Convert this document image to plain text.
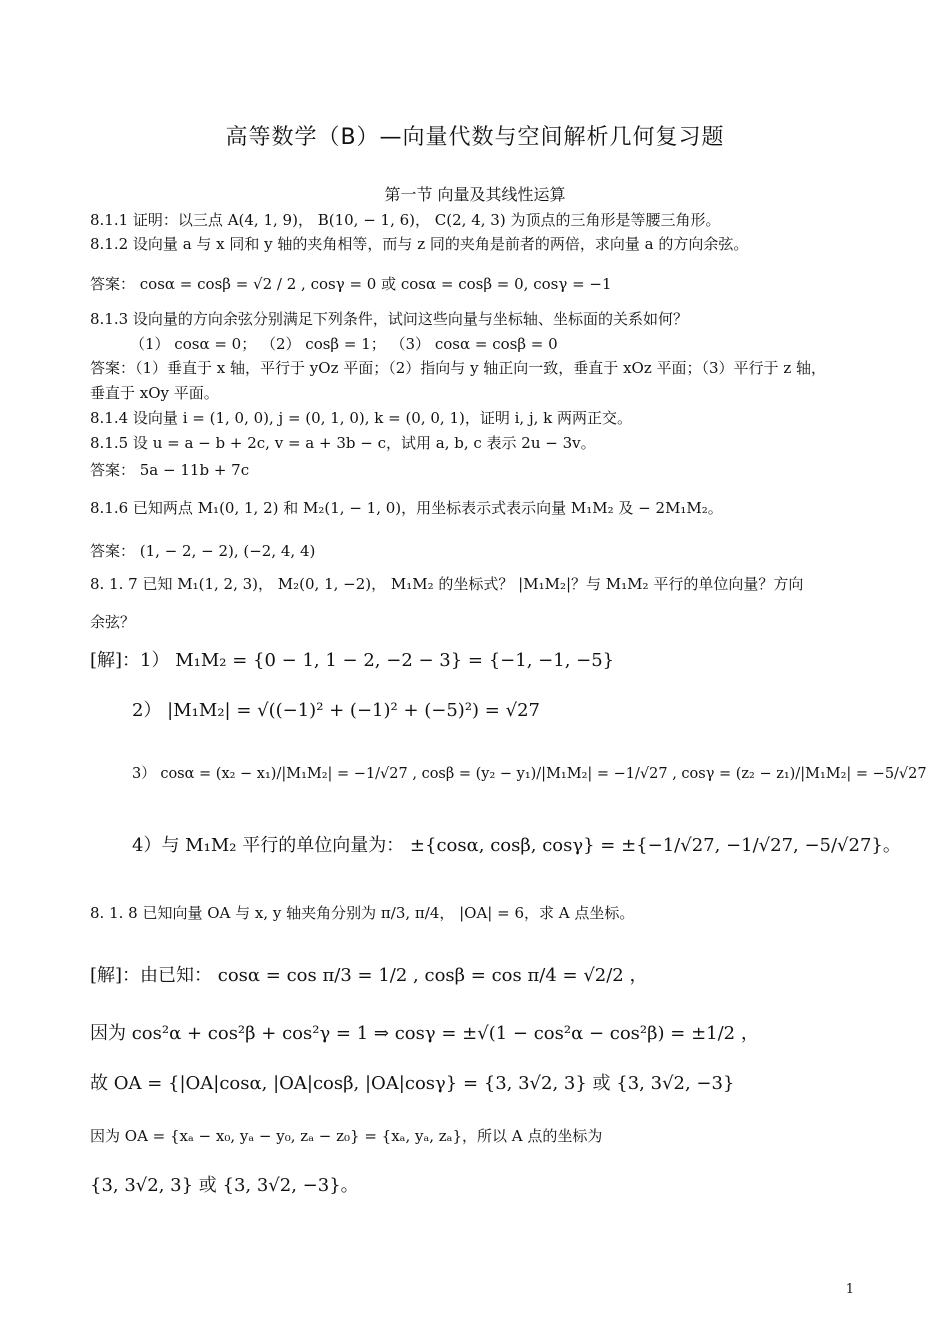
高等数学（B）—向量代数与空间解析几何复习题
第一节 向量及其线性运算
8.1.1 证明：以三点 A(4, 1, 9)， B(10, − 1, 6)， C(2, 4, 3) 为顶点的三角形是等腰三角形。
8.1.2 设向量 a 与 x 同和 y 轴的夹角相等，而与 z 同的夹角是前者的两倍，求向量 a 的方向余弦。
答案： cosα = cosβ = √2 / 2 , cosγ = 0 或 cosα = cosβ = 0, cosγ = −1
8.1.3 设向量的方向余弦分别满足下列条件，试问这些向量与坐标轴、坐标面的关系如何？
（1） cosα = 0； （2） cosβ = 1； （3） cosα = cosβ = 0
答案：（1）垂直于 x 轴，平行于 yOz 平面；（2）指向与 y 轴正向一致，垂直于 xOz 平面；（3）平行于 z 轴，
垂直于 xOy 平面。
8.1.4 设向量 i = (1, 0, 0), j = (0, 1, 0), k = (0, 0, 1)，证明 i, j, k 两两正交。
8.1.5 设 u = a − b + 2c, v = a + 3b − c，试用 a, b, c 表示 2u − 3v。
答案： 5a − 11b + 7c
8.1.6 已知两点 M₁(0, 1, 2) 和 M₂(1, − 1, 0)，用坐标表示式表示向量 M₁M₂ 及 − 2M₁M₂。
答案： (1, − 2, − 2), (−2, 4, 4)
8. 1. 7 已知 M₁(1, 2, 3)， M₂(0, 1, −2)， M₁M₂ 的坐标式？ |M₁M₂|？与 M₁M₂ 平行的单位向量？方向
余弦？
[解]：1） M₁M₂ = {0 − 1, 1 − 2, −2 − 3} = {−1, −1, −5}
2） |M₁M₂| = √((−1)² + (−1)² + (−5)²) = √27
3） cosα = (x₂ − x₁)/|M₁M₂| = −1/√27 , cosβ = (y₂ − y₁)/|M₁M₂| = −1/√27 , cosγ = (z₂ − z₁)/|M₁M₂| = −5/√27
4）与 M₁M₂ 平行的单位向量为： ±{cosα, cosβ, cosγ} = ±{−1/√27, −1/√27, −5/√27}。
8. 1. 8 已知向量 OA 与 x, y 轴夹角分别为 π/3, π/4， |OA| = 6，求 A 点坐标。
[解]：由已知： cosα = cos π/3 = 1/2 , cosβ = cos π/4 = √2/2 ，
因为 cos²α + cos²β + cos²γ = 1 ⇒ cosγ = ±√(1 − cos²α − cos²β) = ±1/2 ，
故 OA = {|OA|cosα, |OA|cosβ, |OA|cosγ} = {3, 3√2, 3} 或 {3, 3√2, −3}
因为 OA = {xₐ − x₀, yₐ − y₀, zₐ − z₀} = {xₐ, yₐ, zₐ}，所以 A 点的坐标为
{3, 3√2, 3} 或 {3, 3√2, −3}。
1
